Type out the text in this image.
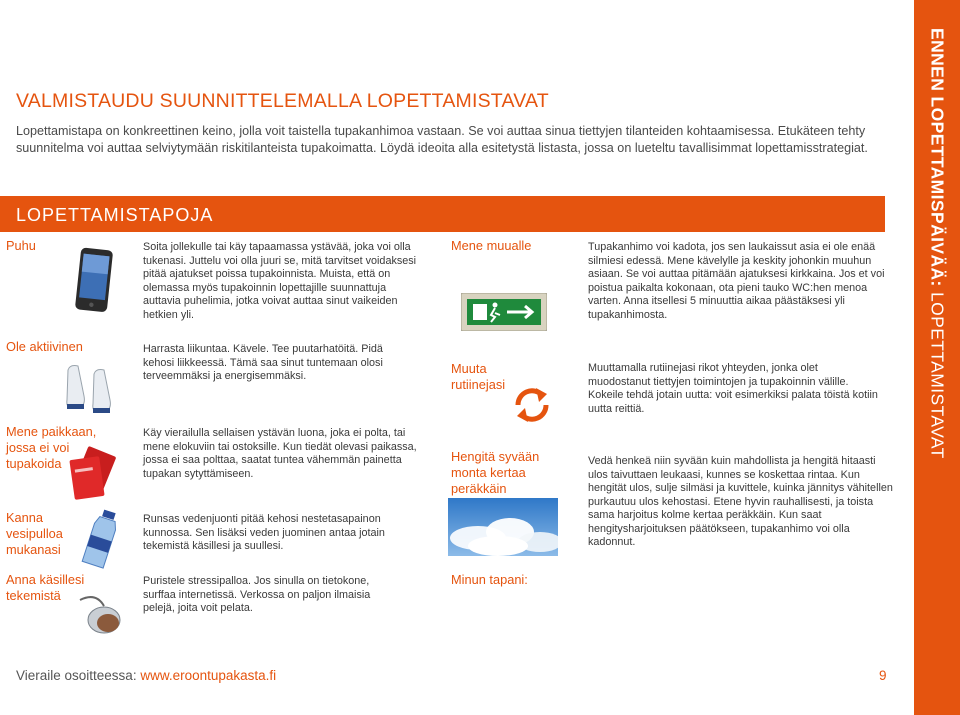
ENNEN LOPETTAMISPÄIVÄÄ: LOPETTAMISTAVAT
VALMISTAUDU SUUNNITTELEMALLA LOPETTAMISTAVAT
Lopettamistapa on konkreettinen keino, jolla voit taistella tupakanhimoa vastaan. Se voi auttaa sinua tiettyjen tilanteiden kohtaamisessa. Etukäteen tehty suunnitelma voi auttaa selviytymään riskitilanteista tupakoimatta. Löydä ideoita alla esitetystä listasta, jossa on lueteltu tavallisimmat lopettamisstrategiat.
LOPETTAMISTAPOJA
Puhu	Soita jollekulle tai käy tapaamassa ystävää, joka voi olla tukenasi. Juttelu voi olla juuri se, mitä tarvitset voidaksesi pitää ajatukset poissa tupakoinnista. Muista, että on olemassa myös tupakoinnin lopettajille suunnattuja auttavia puhelimia, jotka voivat auttaa sinut vaikeiden hetkien yli.
Ole aktiivinen	Harrasta liikuntaa. Kävele. Tee puutarhatöitä. Pidä kehosi liikkeessä. Tämä saa sinut tuntemaan olosi terveemmäksi ja energisemmäksi.
Mene paikkaan, jossa ei voi tupakoida
Käy vierailulla sellaisen ystävän luona, joka ei polta, tai mene elokuviin tai ostoksille. Kun tiedät olevasi paikassa, jossa ei saa polttaa, saatat tuntea vähemmän painetta tupakan sytyttämiseen.
Kanna vesipulloa mukanasi
Runsas vedenjuonti pitää kehosi nestetasapainon kunnossa. Sen lisäksi veden juominen antaa jotain tekemistä käsillesi ja suullesi.
Anna käsillesi tekemistä
Puristele stressipalloa. Jos sinulla on tietokone, surffaa internetissä. Verkossa on paljon ilmaisia pelejä, joita voit pelata.
Mene muualle	Tupakanhimo voi kadota, jos sen laukaissut asia ei ole enää silmiesi edessä. Mene kävelylle ja keskity johonkin muuhun asiaan. Se voi auttaa pitämään ajatuksesi kirkkaina. Jos et voi poistua paikalta kokonaan, ota pieni tauko WC:hen menoa varten. Anna itsellesi 5 minuuttia aikaa päästäksesi yli tupakanhimosta.
Muuta rutiinejasi
Muuttamalla rutiinejasi rikot yhteyden, jonka olet muodostanut tiettyjen toimintojen ja tupakoinnin välille. Kokeile tehdä jotain uutta: voit esimerkiksi palata töistä kotiin uutta reittiä.
Hengitä syvään monta kertaa peräkkäin
Vedä henkeä niin syvään kuin mahdollista ja hengitä hitaasti ulos taivuttaen leukaasi, kunnes se koskettaa rintaa. Kun hengität ulos, sulje silmäsi ja kuvittele, kuinka jännitys vähitellen purkautuu ulos kehostasi. Etene hyvin rauhallisesti, ja toista sama harjoitus kolme kertaa peräkkäin. Kun saat hengitysharjoituksen päätökseen, tupakanhimo voi olla kadonnut.
Minun tapani:
Vieraile osoitteessa: www.eroontupakasta.fi	9
